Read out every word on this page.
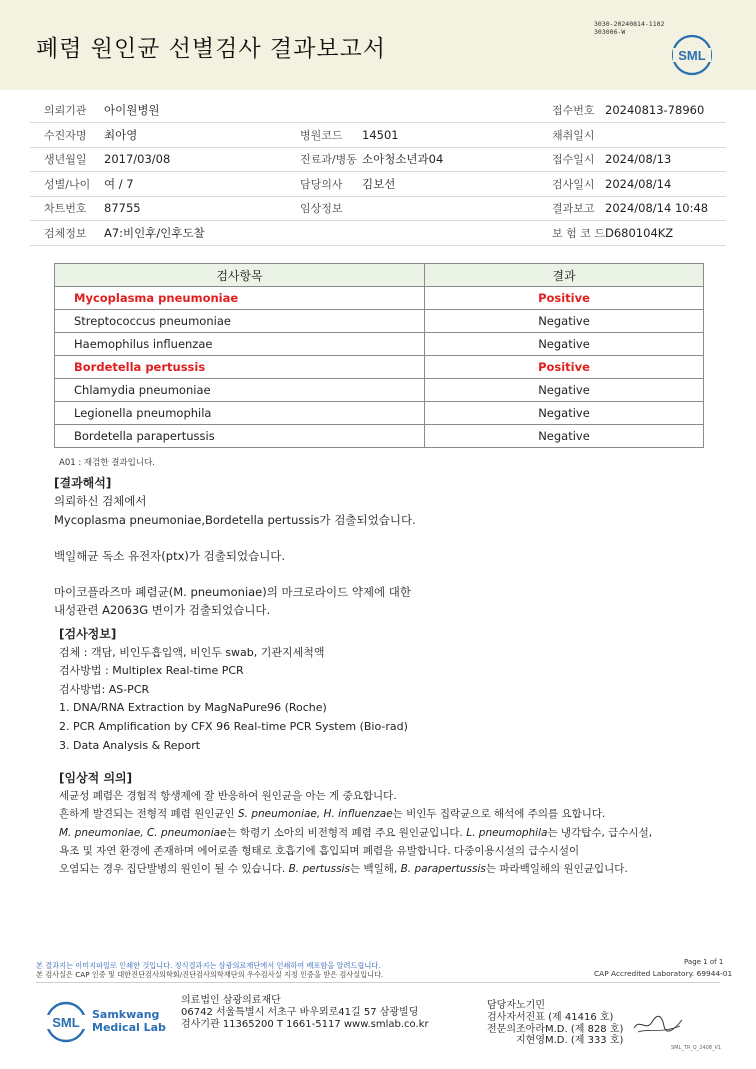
폐렴 원인균 선별검사 결과보고서
3030-20240814-1102
303006-W
SML
의뢰기관	아이원병원			접수번호	20240813-78960
수진자명	최아영	병원코드	14501	채취일시	
생년월일	2017/03/08	진료과/병동	소아청소년과04	접수일시	2024/08/13
성별/나이	여 / 7	담당의사	김보선	검사일시	2024/08/14
차트번호	87755	임상정보		결과보고	2024/08/14 10:48
검체정보	A7:비인후/인후도찰			보 험 코 드	D680104KZ
검사항목	결과
Mycoplasma pneumoniae	Positive
Streptococcus pneumoniae	Negative
Haemophilus influenzae	Negative
Bordetella pertussis	Positive
Chlamydia pneumoniae	Negative
Legionella pneumophila	Negative
Bordetella parapertussis	Negative
A01 : 재검한 결과입니다.
[결과해석]
의뢰하신 검체에서
Mycoplasma pneumoniae,Bordetella pertussis가 검출되었습니다.
백일해균 독소 유전자(ptx)가 검출되었습니다.
마이코플라즈마 폐렴균(M. pneumoniae)의 마크로라이드 약제에 대한
내성관련 A2063G 변이가 검출되었습니다.
[검사정보]
검체 : 객담, 비인두흡입액, 비인두 swab, 기관지세척액
검사방법 : Multiplex Real-time PCR
검사방법: AS-PCR
1. DNA/RNA Extraction by MagNaPure96 (Roche)
2. PCR Amplification by CFX 96 Real-time PCR System (Bio-rad)
3. Data Analysis & Report
[임상적 의의]
세균성 폐렴은 경험적 항생제에 잘 반응하여 원인균을 아는 게 중요합니다.
흔하게 발견되는 전형적 폐렴 원인균인 S. pneumoniae, H. influenzae는 비인두 집락균으로 해석에 주의를 요합니다.
M. pneumoniae, C. pneumoniae는 학령기 소아의 비전형적 폐렴 주요 원인균입니다. L. pneumophila는 냉각탑수, 급수시설,
욕조 및 자연 환경에 존재하며 에어로졸 형태로 호흡기에 흡입되며 폐렴을 유발합니다. 다중이용시설의 급수시설이
오염되는 경우 집단발병의 원인이 될 수 있습니다. B. pertussis는 백일해, B. parapertussis는 파라백일해의 원인균입니다.
본 결과지는 이미지파일로 인쇄한 것입니다. 정식결과지는 삼광의료재단에서 인쇄하여 배포함을 알려드립니다.
본 검사실은 CAP 인증 및 대한진단검사의학회/진단검사의학재단의 우수검사실 지정 인증을 받은 검사실입니다.
Page 1 of 1
CAP Accredited Laboratory. 69944-01
SML
Samkwang
Medical Lab
의료법인 삼광의료재단
06742 서울특별시 서초구 바우뫼로41길 57 삼광빌딩
검사기관 11365200 T 1661-5117 www.smlab.co.kr
담당자 노기민
검사자 서진표 (제 41416 호)
전문의 조아라M.D. (제 828 호)
지현영M.D. (제 333 호)
SML_TR_Q_2408_V1
